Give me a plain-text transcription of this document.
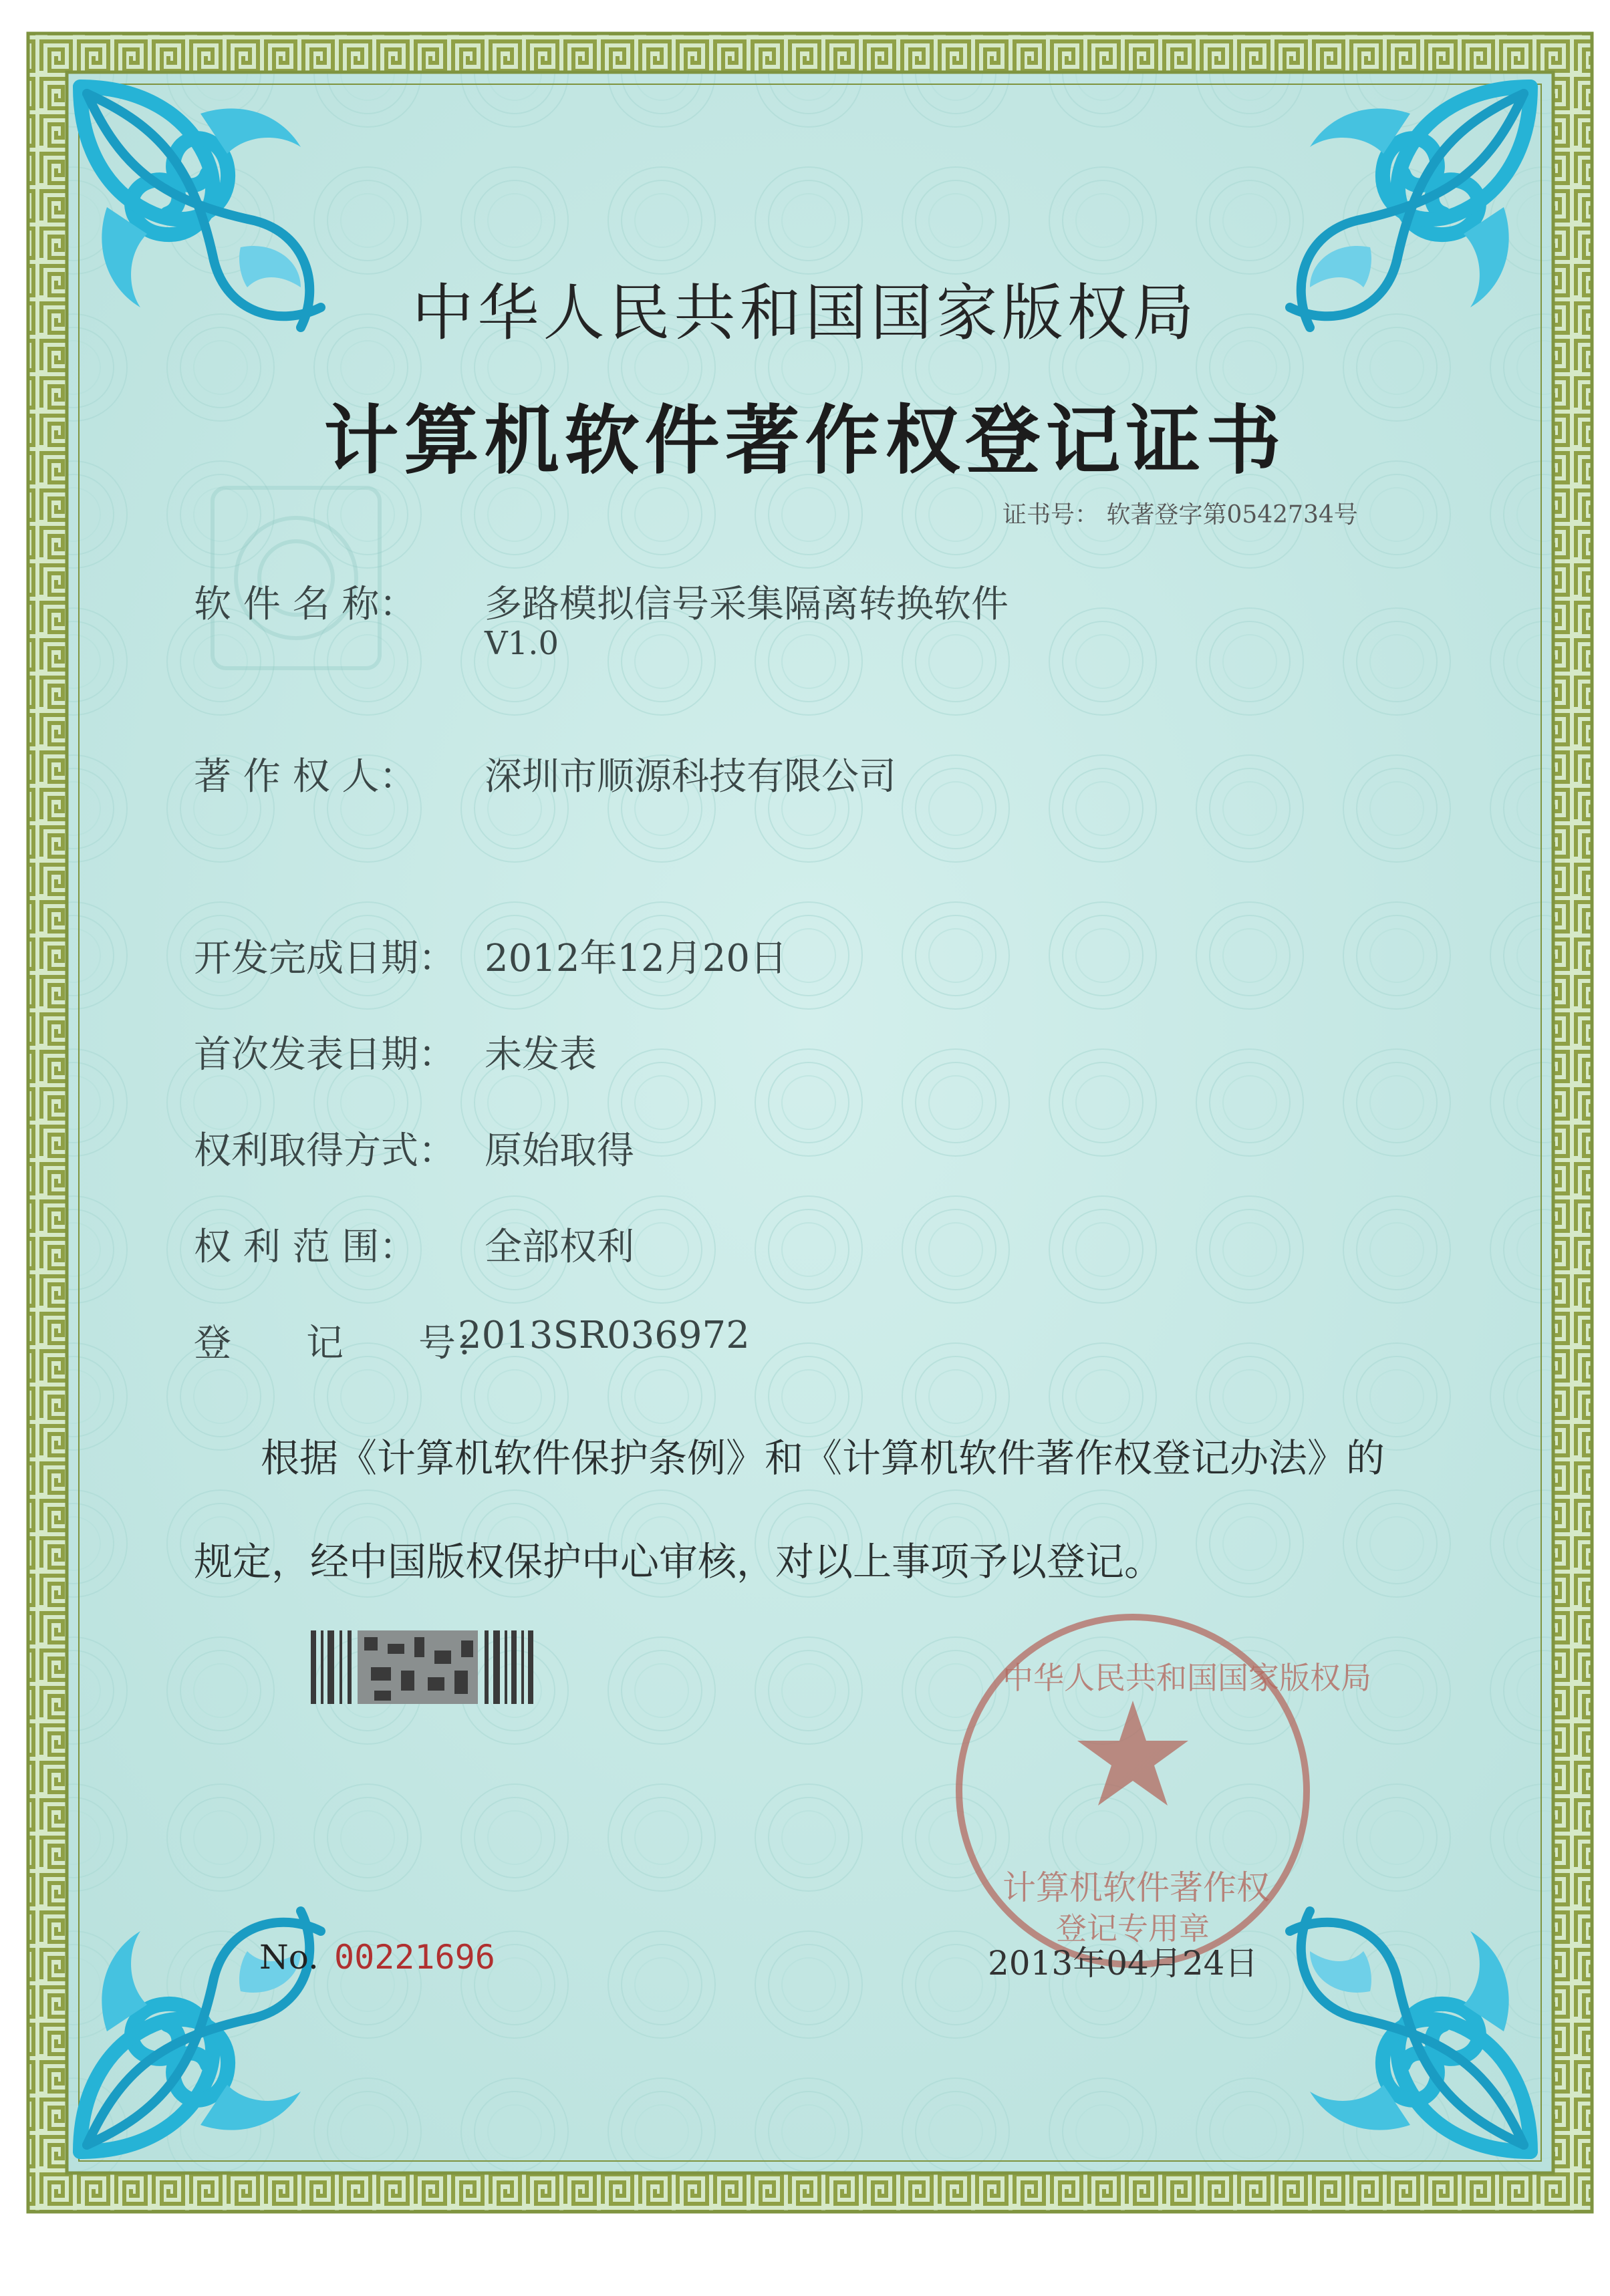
中华人民共和国国家版权局
计算机软件著作权登记证书
证书号： 软著登字第0542734号
软 件 名 称： 多路模拟信号采集隔离转换软件
V1.0
著 作 权 人： 深圳市顺源科技有限公司
开发完成日期： 2012年12月20日
首次发表日期： 未发表
权利取得方式： 原始取得
权 利 范 围： 全部权利
登　　记　　号：
2013SR036972
根据《计算机软件保护条例》和《计算机软件著作权登记办法》的
规定，经中国版权保护中心审核，对以上事项予以登记。
中华人民共和国国家版权局
计算机软件著作权
登记专用章
No. 00221696	2013年04月24日
